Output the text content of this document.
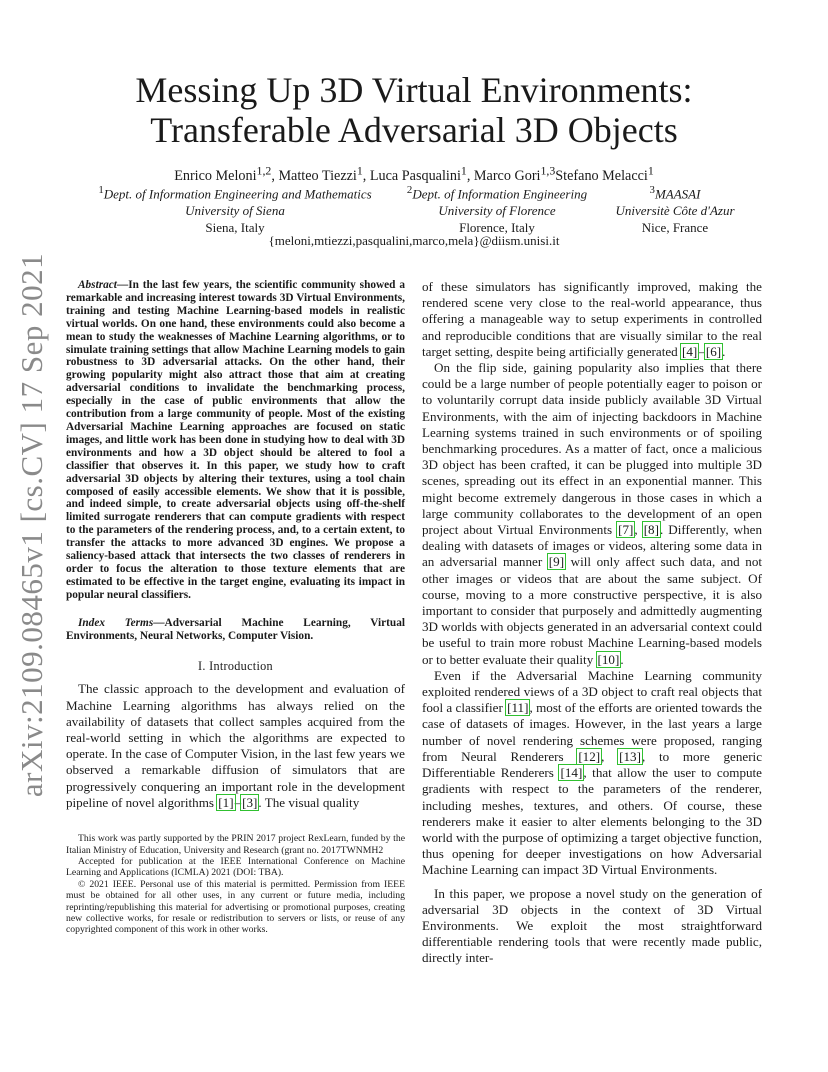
arXiv:2109.08465v1 [cs.CV] 17 Sep 2021
Messing Up 3D Virtual Environments:
Transferable Adversarial 3D Objects
Enrico Meloni$^{1,2}$, Matteo Tiezzi$^1$, Luca Pasqualini$^1$, Marco Gori$^{1,3}$Stefano Melacci$^1$
$^1$Dept. of Information Engineering and Mathematics
University of Siena
Siena, Italy
$^2$Dept. of Information Engineering
University of Florence
Florence, Italy
$^3$MAASAI
Universitè Côte d'Azur
Nice, France
{meloni,mtiezzi,pasqualini,marco,mela}@diism.unisi.it

Abstract—In the last few years, the scientific community showed a remarkable and increasing interest towards 3D Virtual Environments, training and testing Machine Learning-based models in realistic virtual worlds. On one hand, these environments could also become a mean to study the weaknesses of Machine Learning algorithms, or to simulate training settings that allow Machine Learning models to gain robustness to 3D adversarial attacks. On the other hand, their growing popularity might also attract those that aim at creating adversarial conditions to invalidate the benchmarking process, especially in the case of public environments that allow the contribution from a large community of people. Most of the existing Adversarial Machine Learning approaches are focused on static images, and little work has been done in studying how to deal with 3D environments and how a 3D object should be altered to fool a classifier that observes it. In this paper, we study how to craft adversarial 3D objects by altering their textures, using a tool chain composed of easily accessible elements. We show that it is possible, and indeed simple, to create adversarial objects using off-the-shelf limited surrogate renderers that can compute gradients with respect to the parameters of the rendering process, and, to a certain extent, to transfer the attacks to more advanced 3D engines. We propose a saliency-based attack that intersects the two classes of renderers in order to focus the alteration to those texture elements that are estimated to be effective in the target engine, evaluating its impact in popular neural classifiers.

Index Terms—Adversarial Machine Learning, Virtual Environments, Neural Networks, Computer Vision.

I. Introduction

The classic approach to the development and evaluation of Machine Learning algorithms has always relied on the availability of datasets that collect samples acquired from the real-world setting in which the algorithms are expected to operate. In the case of Computer Vision, in the last few years we observed a remarkable diffusion of simulators that are progressively conquering an important role in the development pipeline of novel algorithms [1]–[3]. The visual quality

This work was partly supported by the PRIN 2017 project RexLearn, funded by the Italian Ministry of Education, University and Research (grant no. 2017TWNMH2

Accepted for publication at the IEEE International Conference on Machine Learning and Applications (ICMLA) 2021 (DOI: TBA).

© 2021 IEEE. Personal use of this material is permitted. Permission from IEEE must be obtained for all other uses, in any current or future media, including reprinting/republishing this material for advertising or promotional purposes, creating new collective works, for resale or redistribution to servers or lists, or reuse of any copyrighted component of this work in other works.

of these simulators has significantly improved, making the rendered scene very close to the real-world appearance, thus offering a manageable way to setup experiments in controlled and reproducible conditions that are visually similar to the real target setting, despite being artificially generated [4]–[6].

On the flip side, gaining popularity also implies that there could be a large number of people potentially eager to poison or to voluntarily corrupt data inside publicly available 3D Virtual Environments, with the aim of injecting backdoors in Machine Learning systems trained in such environments or of spoiling benchmarking procedures. As a matter of fact, once a malicious 3D object has been crafted, it can be plugged into multiple 3D scenes, spreading out its effect in an exponential manner. This might become extremely dangerous in those cases in which a large community collaborates to the development of an open project about Virtual Environments [7], [8]. Differently, when dealing with datasets of images or videos, altering some data in an adversarial manner [9] will only affect such data, and not other images or videos that are about the same subject. Of course, moving to a more constructive perspective, it is also important to consider that purposely and admittedly augmenting 3D worlds with objects generated in an adversarial context could be useful to train more robust Machine Learning-based models or to better evaluate their quality [10].

Even if the Adversarial Machine Learning community exploited rendered views of a 3D object to craft real objects that fool a classifier [11], most of the efforts are oriented towards the case of datasets of images. However, in the last years a large number of novel rendering schemes were proposed, ranging from Neural Renderers [12], [13], to more generic Differentiable Renderers [14], that allow the user to compute gradients with respect to the parameters of the renderer, including meshes, textures, and others. Of course, these renderers make it easier to alter elements belonging to the 3D world with the purpose of optimizing a target objective function, thus opening for deeper investigations on how Adversarial Machine Learning can impact 3D Virtual Environments.

In this paper, we propose a novel study on the generation of adversarial 3D objects in the context of 3D Virtual Environments. We exploit the most straightforward differentiable rendering tools that were recently made public, directly inter-
